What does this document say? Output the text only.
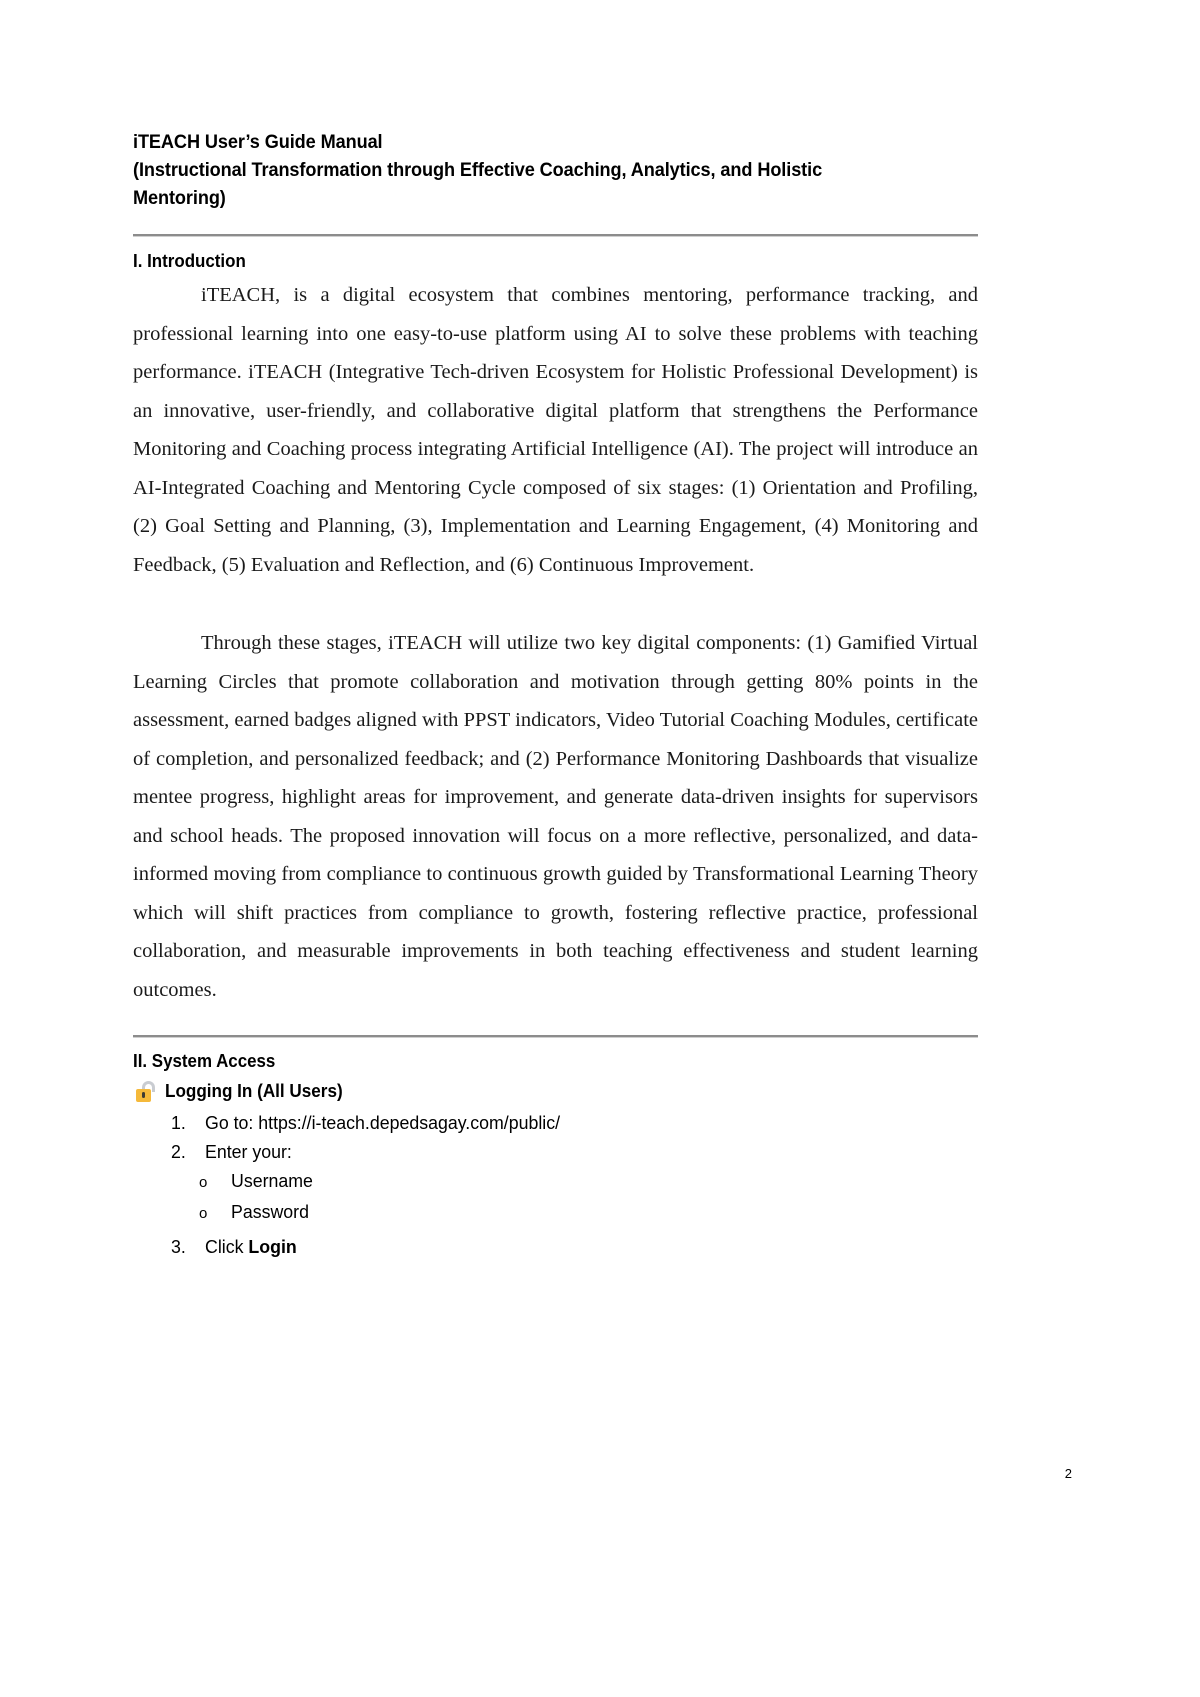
iTEACH User’s Guide Manual
(Instructional Transformation through Effective Coaching, Analytics, and Holistic
Mentoring)
I. Introduction

iTEACH, is a digital ecosystem that combines mentoring, performance tracking, and professional learning into one easy-to-use platform using AI to solve these problems with teaching performance. iTEACH (Integrative Tech-driven Ecosystem for Holistic Professional Development) is an innovative, user-friendly, and collaborative digital platform that strengthens the Performance Monitoring and Coaching process integrating Artificial Intelligence (AI). The project will introduce an AI-Integrated Coaching and Mentoring Cycle composed of six stages: (1) Orientation and Profiling, (2) Goal Setting and Planning, (3), Implementation and Learning Engagement, (4) Monitoring and Feedback, (5) Evaluation and Reflection, and (6) Continuous Improvement.

Through these stages, iTEACH will utilize two key digital components: (1) Gamified Virtual Learning Circles that promote collaboration and motivation through getting 80% points in the assessment, earned badges aligned with PPST indicators, Video Tutorial Coaching Modules, certificate of completion, and personalized feedback; and (2) Performance Monitoring Dashboards that visualize mentee progress, highlight areas for improvement, and generate data-driven insights for supervisors and school heads. The proposed innovation will focus on a more reflective, personalized, and data-informed moving from compliance to continuous growth guided by Transformational Learning Theory which will shift practices from compliance to growth, fostering reflective practice, professional collaboration, and measurable improvements in both teaching effectiveness and student learning outcomes.

II. System Access
Logging In (All Users)
1.	Go to: https://i-teach.depedsagay.com/public/
2.	Enter your:
o	Username
o	Password
3.	Click Login
2
